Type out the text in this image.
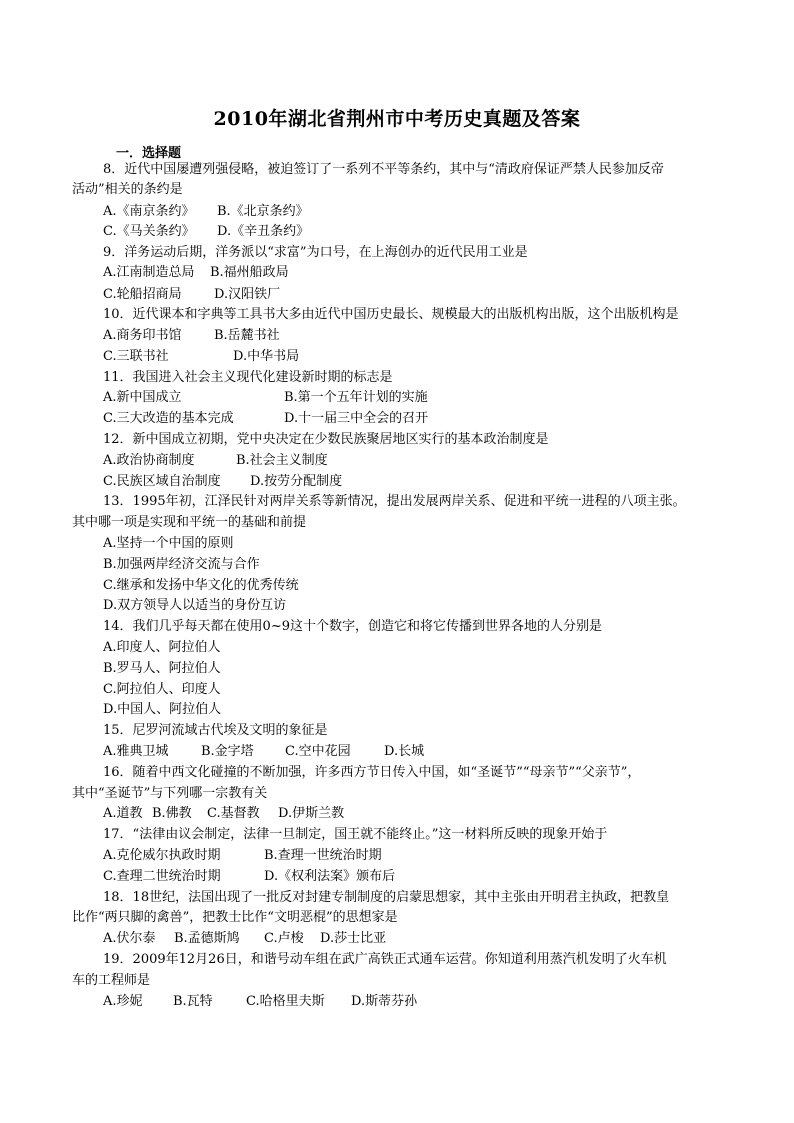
2010年湖北省荆州市中考历史真题及答案
一．选择题
8．近代中国屡遭列强侵略，被迫签订了一系列不平等条约，其中与“清政府保证严禁人民参加反帝
活动”相关的条约是
A.《南京条约》 B.《北京条约》
C.《马关条约》 D.《辛丑条约》
9．洋务运动后期，洋务派以“求富”为口号，在上海创办的近代民用工业是
A.江南制造总局 B.福州船政局
C.轮船招商局 D.汉阳铁厂
10．近代课本和字典等工具书大多由近代中国历史最长、规模最大的出版机构出版，这个出版机构是
A.商务印书馆 B.岳麓书社
C.三联书社	D.中华书局
11．我国进入社会主义现代化建设新时期的标志是
A.新中国成立	B.第一个五年计划的实施
C.三大改造的基本完成	D.十一届三中全会的召开
12．新中国成立初期，党中央决定在少数民族聚居地区实行的基本政治制度是
A.政治协商制度	B.社会主义制度
C.民族区域自治制度 D.按劳分配制度
13．1995年初，江泽民针对两岸关系等新情况，提出发展两岸关系、促进和平统一进程的八项主张。
其中哪一项是实现和平统一的基础和前提
A.坚持一个中国的原则
B.加强两岸经济交流与合作
C.继承和发扬中华文化的优秀传统
D.双方领导人以适当的身份互访
14．我们几乎每天都在使用0~9这十个数字，创造它和将它传播到世界各地的人分别是
A.印度人、阿拉伯人
B.罗马人、阿拉伯人
C.阿拉伯人、印度人
D.中国人、阿拉伯人
15．尼罗河流域古代埃及文明的象征是
A.雅典卫城 B.金字塔 C.空中花园	D.长城
16．随着中西文化碰撞的不断加强，许多西方节日传入中国，如“圣诞节”“母亲节”“父亲节”，
其中“圣诞节”与下列哪一宗教有关
A.道教 B.佛教 C.基督教 D.伊斯兰教
17．“法律由议会制定，法律一旦制定，国王就不能终止。”这一材料所反映的现象开始于
A.克伦威尔执政时期	B.查理一世统治时期
C.查理二世统治时期	D.《权利法案》颁布后
18．18世纪，法国出现了一批反对封建专制制度的启蒙思想家，其中主张由开明君主执政，把教皇
比作“两只脚的禽兽”，把教士比作“文明恶棍”的思想家是
A.伏尔泰 B.孟德斯鸠 C.卢梭 D.莎士比亚
19．2009年12月26日，和谐号动车组在武广高铁正式通车运营。你知道利用蒸汽机发明了火车机
车的工程师是
A.珍妮 B.瓦特	C.哈格里夫斯 D.斯蒂芬孙
